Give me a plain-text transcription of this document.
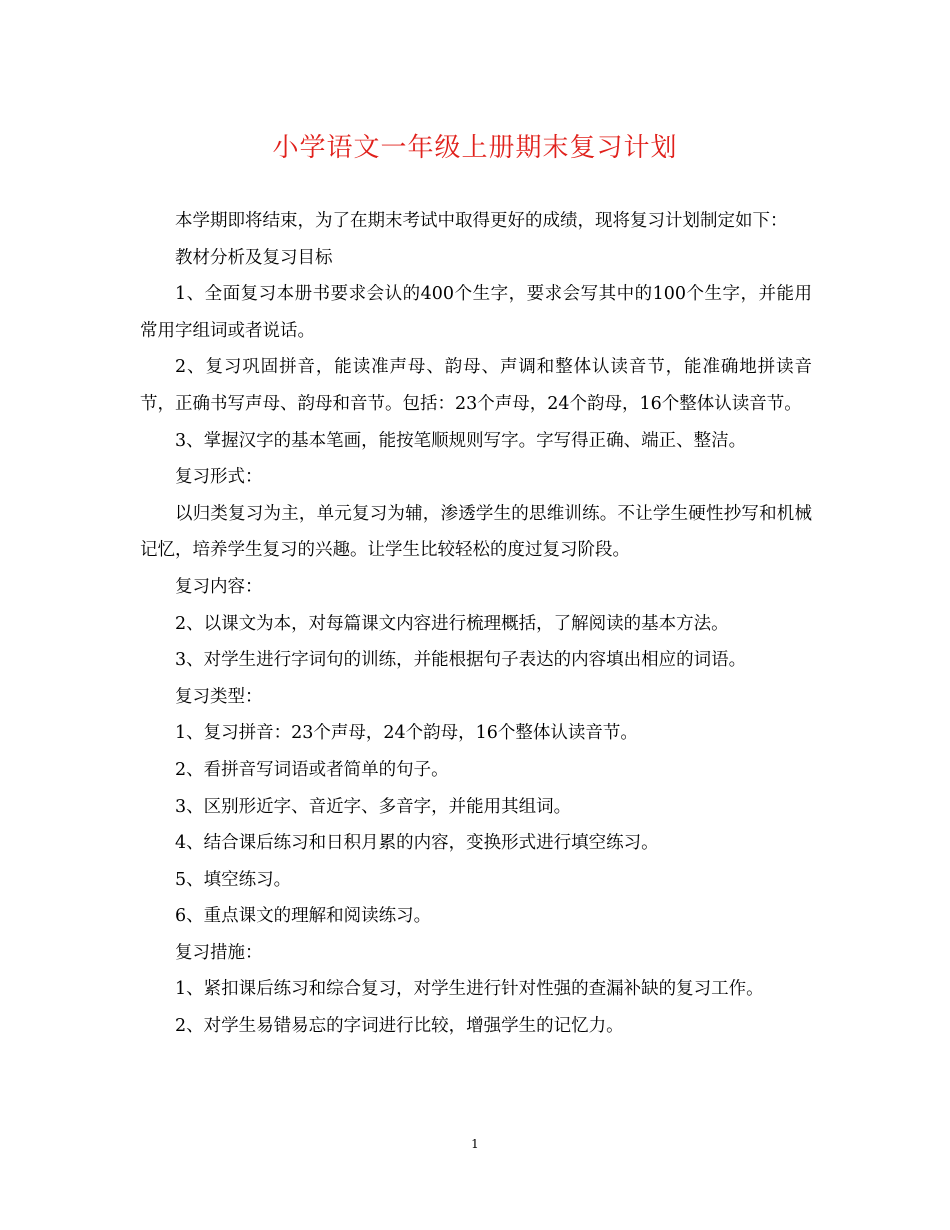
小学语文一年级上册期末复习计划

本学期即将结束，为了在期末考试中取得更好的成绩，现将复习计划制定如下：

教材分析及复习目标

1、全面复习本册书要求会认的400个生字，要求会写其中的100个生字，并能用常用字组词或者说话。

2、复习巩固拼音，能读准声母、韵母、声调和整体认读音节，能准确地拼读音节，正确书写声母、韵母和音节。包括：23个声母，24个韵母，16个整体认读音节。

3、掌握汉字的基本笔画，能按笔顺规则写字。字写得正确、端正、整洁。

复习形式：

以归类复习为主，单元复习为辅，渗透学生的思维训练。不让学生硬性抄写和机械记忆，培养学生复习的兴趣。让学生比较轻松的度过复习阶段。

复习内容：

2、以课文为本，对每篇课文内容进行梳理概括，了解阅读的基本方法。

3、对学生进行字词句的训练，并能根据句子表达的内容填出相应的词语。

复习类型：

1、复习拼音：23个声母，24个韵母，16个整体认读音节。

2、看拼音写词语或者简单的句子。

3、区别形近字、音近字、多音字，并能用其组词。

4、结合课后练习和日积月累的内容，变换形式进行填空练习。

5、填空练习。

6、重点课文的理解和阅读练习。

复习措施：

1、紧扣课后练习和综合复习，对学生进行针对性强的查漏补缺的复习工作。

2、对学生易错易忘的字词进行比较，增强学生的记忆力。

1
